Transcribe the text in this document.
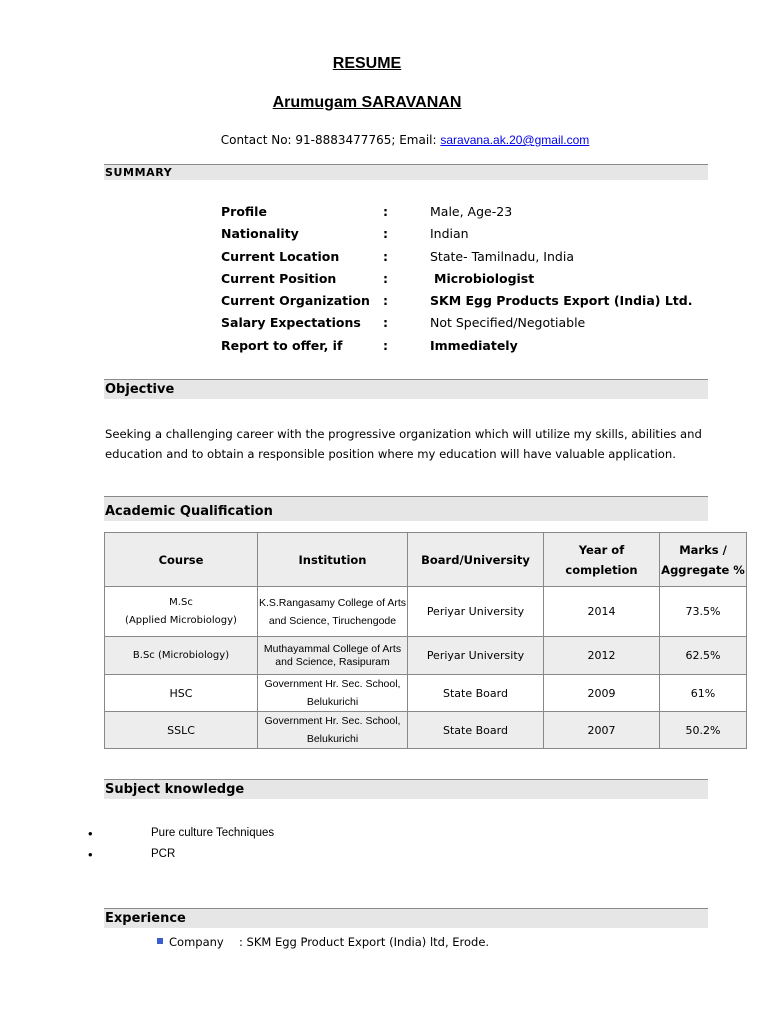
RESUME
Arumugam SARAVANAN
Contact No: 91-8883477765; Email: saravana.ak.20@gmail.com
SUMMARY
Profile	:	Male, Age-23
Nationality	:	Indian
Current Location	:	State- Tamilnadu, India
Current Position	:	Microbiologist
Current Organization :	SKM Egg Products Export (India) Ltd.
Salary Expectations :	Not Specified/Negotiable
Report to offer, if	:	Immediately
Objective
Seeking a challenging career with the progressive organization which will utilize my skills, abilities and education and to obtain a responsible position where my education will have valuable application.
Academic Qualification
Course	Institution	Board/University	Year of completion	Marks / Aggregate %
M.Sc
(Applied Microbiology)	K.S.Rangasamy College of Arts and Science, Tiruchengode	Periyar University	2014	73.5%
B.Sc (Microbiology)	Muthayammal College of Arts and Science, Rasipuram	Periyar University	2012	62.5%
HSC	Government Hr. Sec. School, Belukurichi	State Board	2009	61%
SSLC	Government Hr. Sec. School, Belukurichi	State Board	2007	50.2%
Subject knowledge
•	Pure culture Techniques
•	PCR
Experience
Company : SKM Egg Product Export (India) ltd, Erode.
